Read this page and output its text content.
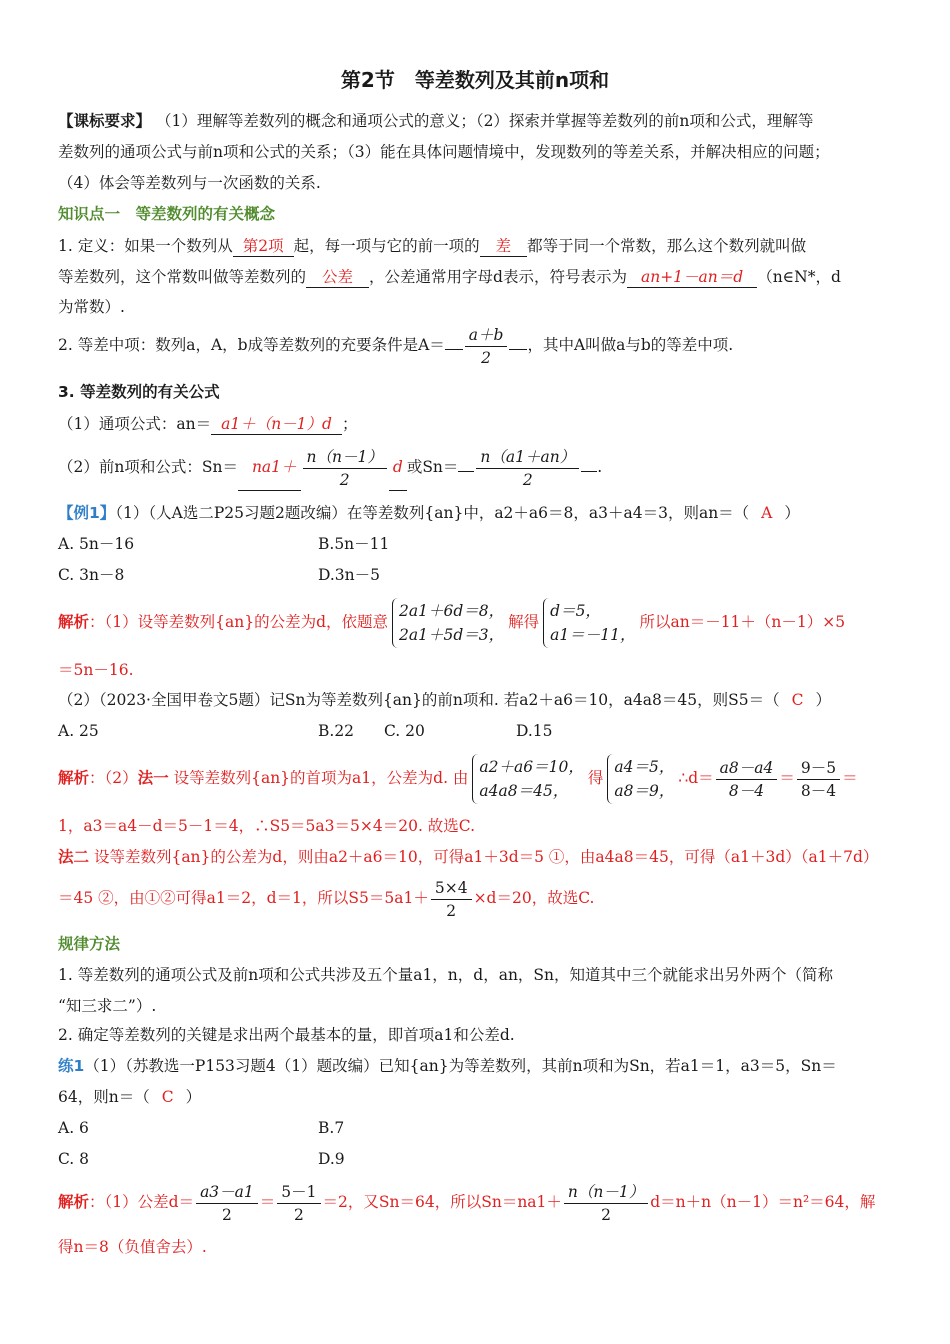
第2节　等差数列及其前n项和
【课标要求】 （1）理解等差数列的概念和通项公式的意义；（2）探索并掌握等差数列的前n项和公式，理解等
差数列的通项公式与前n项和公式的关系；（3）能在具体问题情境中，发现数列的等差关系，并解决相应的问题；
（4）体会等差数列与一次函数的关系.
知识点一　等差数列的有关概念
1. 定义：如果一个数列从 第2项 起，每一项与它的前一项的 差 都等于同一个常数，那么这个数列就叫做
等差数列，这个常数叫做等差数列的 公差 ，公差通常用字母d表示，符号表示为 an+1－an＝d （n∈N*，d
为常数）.
2. 等差中项：数列a，A，b成等差数列的充要条件是$A= \frac{a+b}{2}$ ，其中A叫做a与b的等差中项.
3. 等差数列的有关公式
（1）通项公式：an＝ a1＋（n－1）d ；
（2）前n项和公式：$Sn= na1+ \frac{n(n-1)}{2}$ d 或$Sn= \frac{n(a1+an)}{2}$ .
【例1】（1）（人A选二P25习题2题改编）在等差数列{an}中，a2＋a6＝8，a3＋a4＝3，则an＝（ A ）
A. 5n－16	B.5n－11
C. 3n－8	D.3n－5
解析：（1）设等差数列{an}的公差为d，依题意
2a1＋6d＝8，
2a1＋5d＝3，
解得
d＝5，
a1＝－11，
所以an＝－11＋（n－1）×5
＝5n－16.
（2）（2023·全国甲卷文5题）记Sn为等差数列{an}的前n项和. 若a2＋a6＝10，a4a8＝45，则S5＝（ C ）
A. 25	B.22 C. 20	D.15
解析：（2）法一 设等差数列{an}的首项为a1，公差为d. 由
a2＋a6＝10，
a4a8＝45，
得
a4＝5，
a8＝9，
∴d＝ $\frac{a8-a4}{8-4} = \frac{9-5}{8-4}$ ＝
1，a3＝a4－d＝5－1＝4，∴S5＝5a3＝5×4＝20. 故选C.
法二 设等差数列{an}的公差为d，则由a2＋a6＝10，可得a1＋3d＝5 ①，由a4a8＝45，可得（a1＋3d）（a1＋7d）
＝45 ②，由①②可得a1＝2，d＝1，所以$S5=5a1+ \frac{5\times 4}{2} \times d=20$，故选C.
规律方法
1. 等差数列的通项公式及前n项和公式共涉及五个量a1，n，d，an，Sn，知道其中三个就能求出另外两个（简称
“知三求二”）.
2. 确定等差数列的关键是求出两个最基本的量，即首项a1和公差d.
练1（1）（苏教选一P153习题4（1）题改编）已知{an}为等差数列，其前n项和为Sn，若a1＝1，a3＝5，Sn＝
64，则n＝（ C ）
A. 6	B.7
C. 8	D.9
解析：（1）公差$d= \frac{a3-a1}{2} = \frac{5-1}{2} =2$，又Sn＝64，所以$Sn=na1+ \frac{n(n-1)}{2} d=n+n(n-1)=n^2=64$，解
得n＝8（负值舍去）.
